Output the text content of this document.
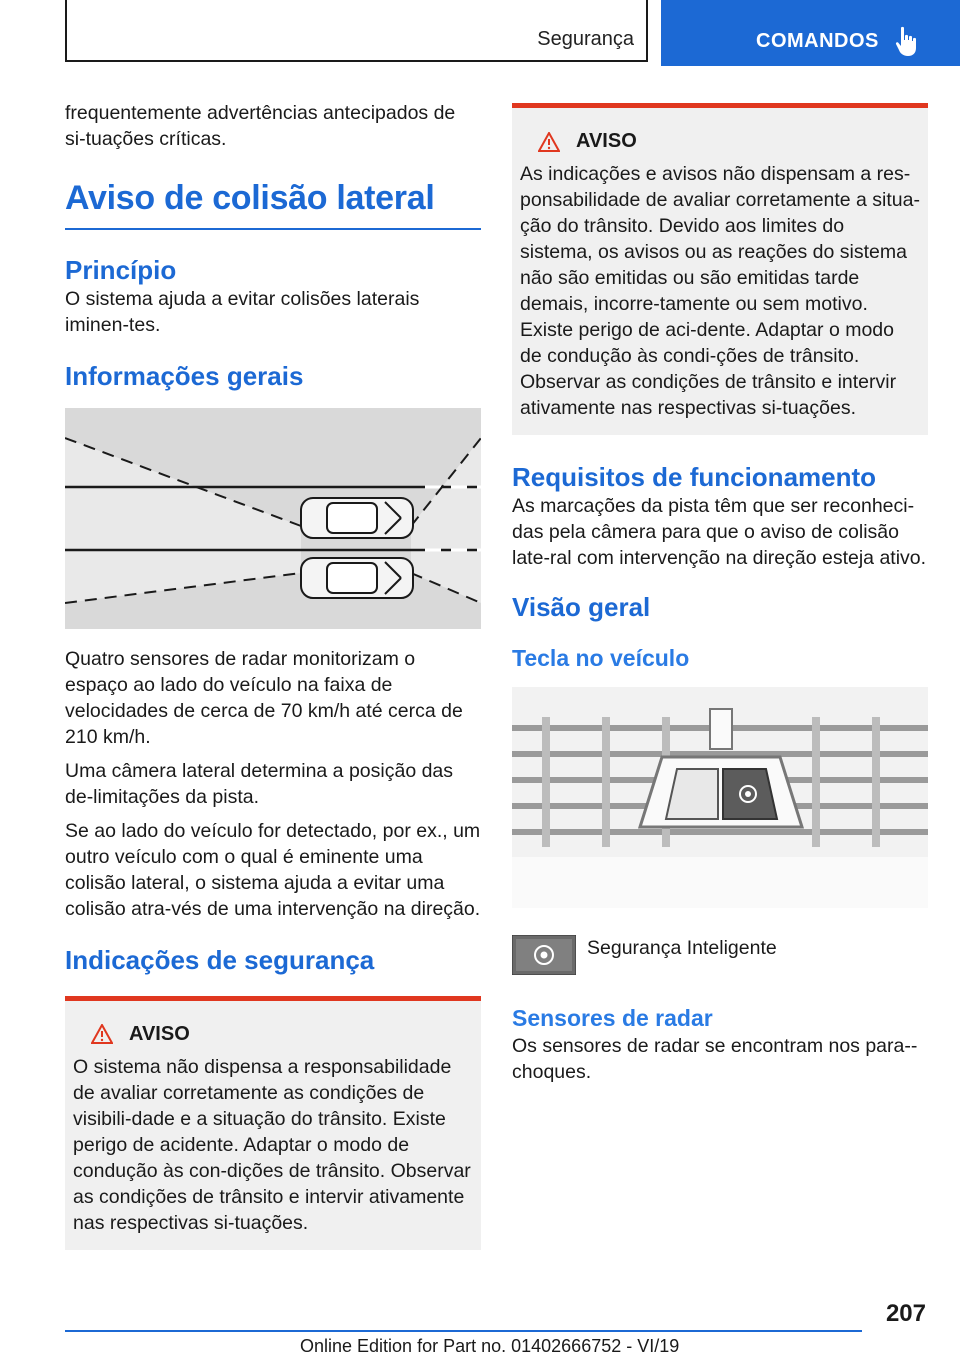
Segurança	COMANDOS

frequentemente advertências antecipados de si-tuações críticas.

Aviso de colisão lateral
Princípio

O sistema ajuda a evitar colisões laterais iminen-tes.

Informações gerais

Quatro sensores de radar monitorizam o espaço ao lado do veículo na faixa de velocidades de cerca de 70 km/h até cerca de 210 km/h.

Uma câmera lateral determina a posição das de-limitações da pista.

Se ao lado do veículo for detectado, por ex., um outro veículo com o qual é eminente uma colisão lateral, o sistema ajuda a evitar uma colisão atra-vés de uma intervenção na direção.

Indicações de segurança
AVISO

O sistema não dispensa a responsabilidade de avaliar corretamente as condições de visibili-dade e a situação do trânsito. Existe perigo de acidente. Adaptar o modo de condução às con-dições de trânsito. Observar as condições de trânsito e intervir ativamente nas respectivas si-tuações.

AVISO

As indicações e avisos não dispensam a res-ponsabilidade de avaliar corretamente a situa-ção do trânsito. Devido aos limites do sistema, os avisos ou as reações do sistema não são emitidas ou são emitidas tarde demais, incorre-tamente ou sem motivo. Existe perigo de aci-dente. Adaptar o modo de condução às condi-ções de trânsito. Observar as condições de trânsito e intervir ativamente nas respectivas si-tuações.

Requisitos de funcionamento

As marcações da pista têm que ser reconheci-das pela câmera para que o aviso de colisão late-ral com intervenção na direção esteja ativo.

Visão geral
Tecla no veículo
Segurança Inteligente
Sensores de radar

Os sensores de radar se encontram nos para--choques.

207
Online Edition for Part no. 01402666752 - VI/19
